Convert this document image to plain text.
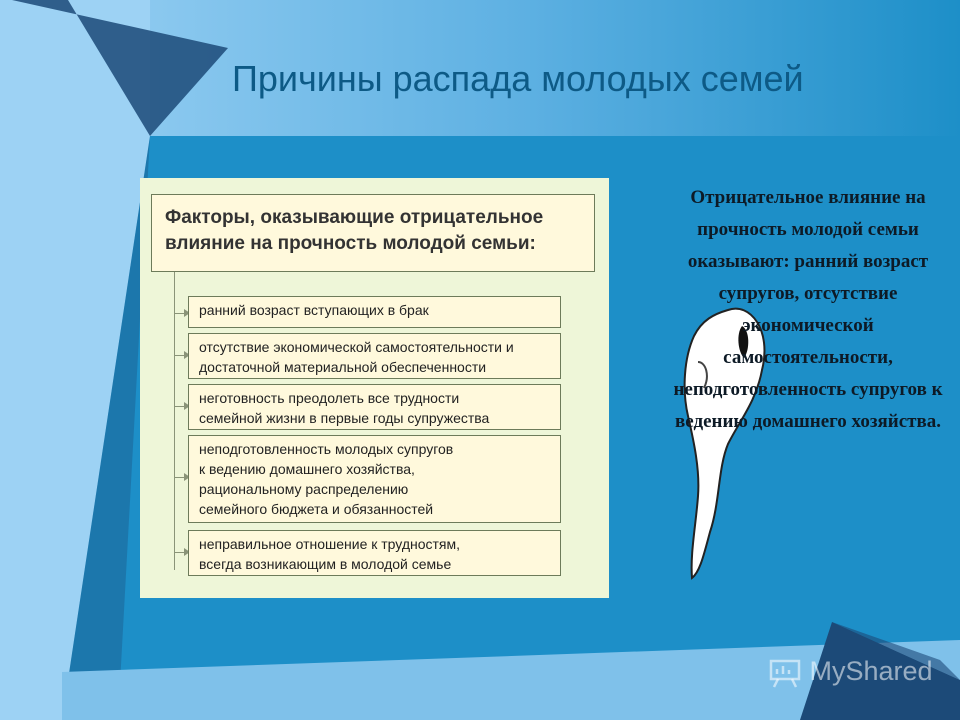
Причины распада молодых семей
Факторы, оказывающие отрицательное
влияние на прочность молодой семьи:
ранний возраст вступающих в брак
отсутствие экономической самостоятельности и
достаточной материальной обеспеченности
неготовность преодолеть все трудности
семейной жизни в первые годы супружества
неподготовленность молодых супругов
к ведению домашнего хозяйства,
рациональному распределению
семейного бюджета и обязанностей
неправильное отношение к трудностям,
всегда возникающим в молодой семье
Отрицательное влияние на прочность молодой семьи оказывают: ранний возраст супругов, отсутствие экономической самостоятельности, неподготовленность супругов к ведению домашнего хозяйства.
MyShared
